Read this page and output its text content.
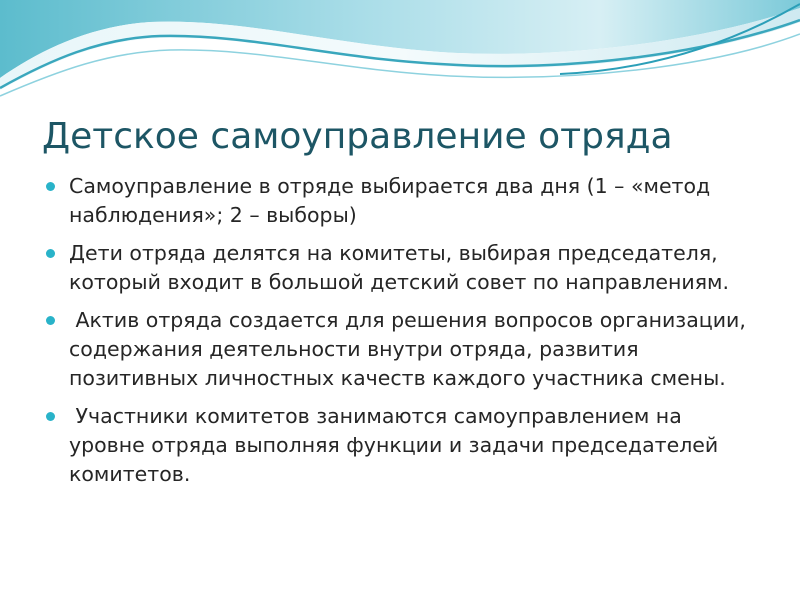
Детское самоуправление отряда
Самоуправление в отряде выбирается два дня (1 – «метод наблюдения»; 2 – выборы)
Дети отряда делятся на комитеты, выбирая председателя, который входит в большой детский совет по направлениям.
Актив отряда создается для решения вопросов организации, содержания деятельности внутри отряда, развития позитивных личностных качеств каждого участника смены.
Участники комитетов занимаются самоуправлением на уровне отряда выполняя функции и задачи председателей комитетов.
